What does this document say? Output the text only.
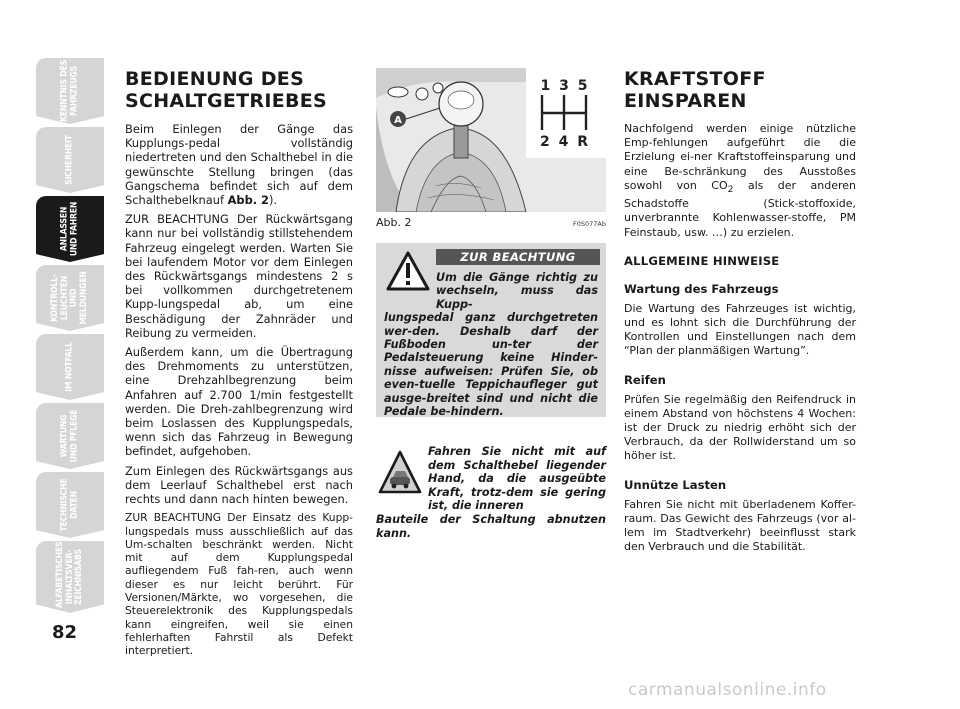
KENNTNIS DES
FAHRZEUGS
SICHERHEIT
ANLASSEN
UND FAHREN
KONTROLL-
LEUCHTEN UND
MELDUNGEN
IM NOTFALL
WARTUNG
UND PFLEGE
TECHNISCHE
DATEN
ALFABETISCHES
INHALTSVER-
ZEICHNISABS
82
BEDIENUNG DES SCHALTGETRIEBES

Beim Einlegen der Gänge das Kupplungs-pedal vollständig niedertreten und den Schalthebel in die gewünschte Stellung bringen (das Gangschema befindet sich auf dem Schalthebelknauf Abb. 2).

ZUR BEACHTUNG Der Rückwärtsgang kann nur bei vollständig stillstehendem Fahrzeug eingelegt werden. Warten Sie bei laufendem Motor vor dem Einlegen des Rückwärtsgangs mindestens 2 s bei vollkommen durchgetretenem Kupp-lungspedal ab, um eine Beschädigung der Zahnräder und Reibung zu vermeiden.

Außerdem kann, um die Übertragung des Drehmoments zu unterstützen, eine Drehzahlbegrenzung beim Anfahren auf 2.700 1/min festgestellt werden. Die Dreh-zahlbegrenzung wird beim Loslassen des Kupplungspedals, wenn sich das Fahrzeug in Bewegung befindet, aufgehoben.

Zum Einlegen des Rückwärtsgangs aus dem Leerlauf Schalthebel erst nach rechts und dann nach hinten bewegen.

ZUR BEACHTUNG Der Einsatz des Kupp-lungspedals muss ausschließlich auf das Um-schalten beschränkt werden. Nicht mit auf dem Kupplungspedal aufliegendem Fuß fah-ren, auch wenn dieser es nur leicht berührt. Für Versionen/Märkte, wo vorgesehen, die Steuerelektronik des Kupplungspedals kann eingreifen, weil sie einen fehlerhaften Fahrstil als Defekt interpretiert.

A
1 3 5
2 4 R
Abb. 2	F0S077Ab
ZUR BEACHTUNG
Um die Gänge richtig zu wechseln, muss das Kupp-
lungspedal ganz durchgetreten wer-den. Deshalb darf der Fußboden un-ter der Pedalsteuerung keine Hinder-nisse aufweisen: Prüfen Sie, ob even-tuelle Teppichaufleger gut ausge-breitet sind und nicht die Pedale be-hindern.
Fahren Sie nicht mit auf dem Schalthebel liegender Hand, da die ausgeübte Kraft, trotz-dem sie gering ist, die inneren
Bauteile der Schaltung abnutzen kann.
KRAFTSTOFF EINSPAREN

Nachfolgend werden einige nützliche Emp-fehlungen aufgeführt die die Erzielung ei-ner Kraftstoffeinsparung und eine Be-schränkung des Ausstoßes sowohl von $CO_2$ als der anderen Schadstoffe (Stick-stoffoxide, unverbrannte Kohlenwasser-stoffe, PM Feinstaub, usw. …) zu erzielen.

ALLGEMEINE HINWEISE
Wartung des Fahrzeugs

Die Wartung des Fahrzeuges ist wichtig, und es lohnt sich die Durchführung der Kontrollen und Einstellungen nach dem “Plan der planmäßigen Wartung”.

Reifen

Prüfen Sie regelmäßig den Reifendruck in einem Abstand von höchstens 4 Wochen: ist der Druck zu niedrig erhöht sich der Verbrauch, da der Rollwiderstand um so höher ist.

Unnütze Lasten

Fahren Sie nicht mit überladenem Koffer-raum. Das Gewicht des Fahrzeugs (vor al-lem im Stadtverkehr) beeinflusst stark den Verbrauch und die Stabilität.

carmanualsonline.info
